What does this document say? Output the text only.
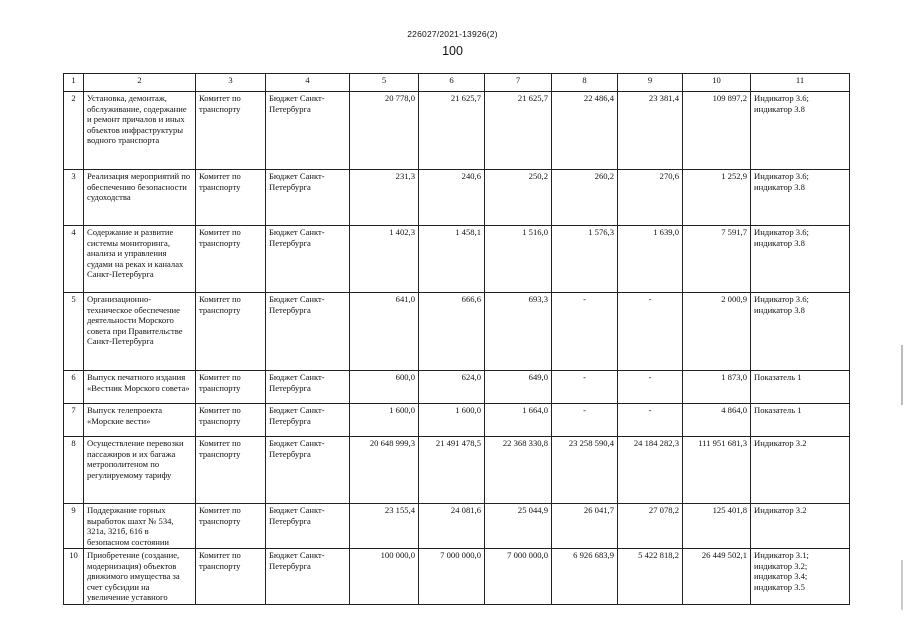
226027/2021-13926(2)
100
1	2	3	4	5	6	7	8	9	10	11
2	Установка, демонтаж, обслуживание, содержание и ремонт причалов и иных объектов инфраструктуры водного транспорта	Комитет по транспорту	Бюджет Санкт-Петербурга	20 778,0	21 625,7	21 625,7	22 486,4	23 381,4	109 897,2	Индикатор 3.6; индикатор 3.8
3	Реализация мероприятий по обеспечению безопасности судоходства	Комитет по транспорту	Бюджет Санкт-Петербурга	231,3	240,6	250,2	260,2	270,6	1 252,9	Индикатор 3.6; индикатор 3.8
4	Содержание и развитие системы мониторинга, анализа и управления судами на реках и каналах Санкт-Петербурга	Комитет по транспорту	Бюджет Санкт-Петербурга	1 402,3	1 458,1	1 516,0	1 576,3	1 639,0	7 591,7	Индикатор 3.6; индикатор 3.8
5	Организационно-техническое обеспечение деятельности Морского совета при Правительстве Санкт-Петербурга	Комитет по транспорту	Бюджет Санкт-Петербурга	641,0	666,6	693,3	-	-	2 000,9	Индикатор 3.6; индикатор 3.8
6	Выпуск печатного издания «Вестник Морского совета»	Комитет по транспорту	Бюджет Санкт-Петербурга	600,0	624,0	649,0	-	-	1 873,0	Показатель 1
7	Выпуск телепроекта «Морские вести»	Комитет по транспорту	Бюджет Санкт-Петербурга	1 600,0	1 600,0	1 664,0	-	-	4 864,0	Показатель 1
8	Осуществление перевозки пассажиров и их багажа метрополитеном по регулируемому тарифу	Комитет по транспорту	Бюджет Санкт-Петербурга	20 648 999,3	21 491 478,5	22 368 330,8	23 258 590,4	24 184 282,3	111 951 681,3	Индикатор 3.2
9	Поддержание горных выработок шахт № 534, 321а, 321б, 616 в безопасном состоянии	Комитет по транспорту	Бюджет Санкт-Петербурга	23 155,4	24 081,6	25 044,9	26 041,7	27 078,2	125 401,8	Индикатор 3.2
10	Приобретение (создание, модернизация) объектов движимого имущества за счет субсидии на увеличение уставного	Комитет по транспорту	Бюджет Санкт-Петербурга	100 000,0	7 000 000,0	7 000 000,0	6 926 683,9	5 422 818,2	26 449 502,1	Индикатор 3.1; индикатор 3.2; индикатор 3.4; индикатор 3.5
